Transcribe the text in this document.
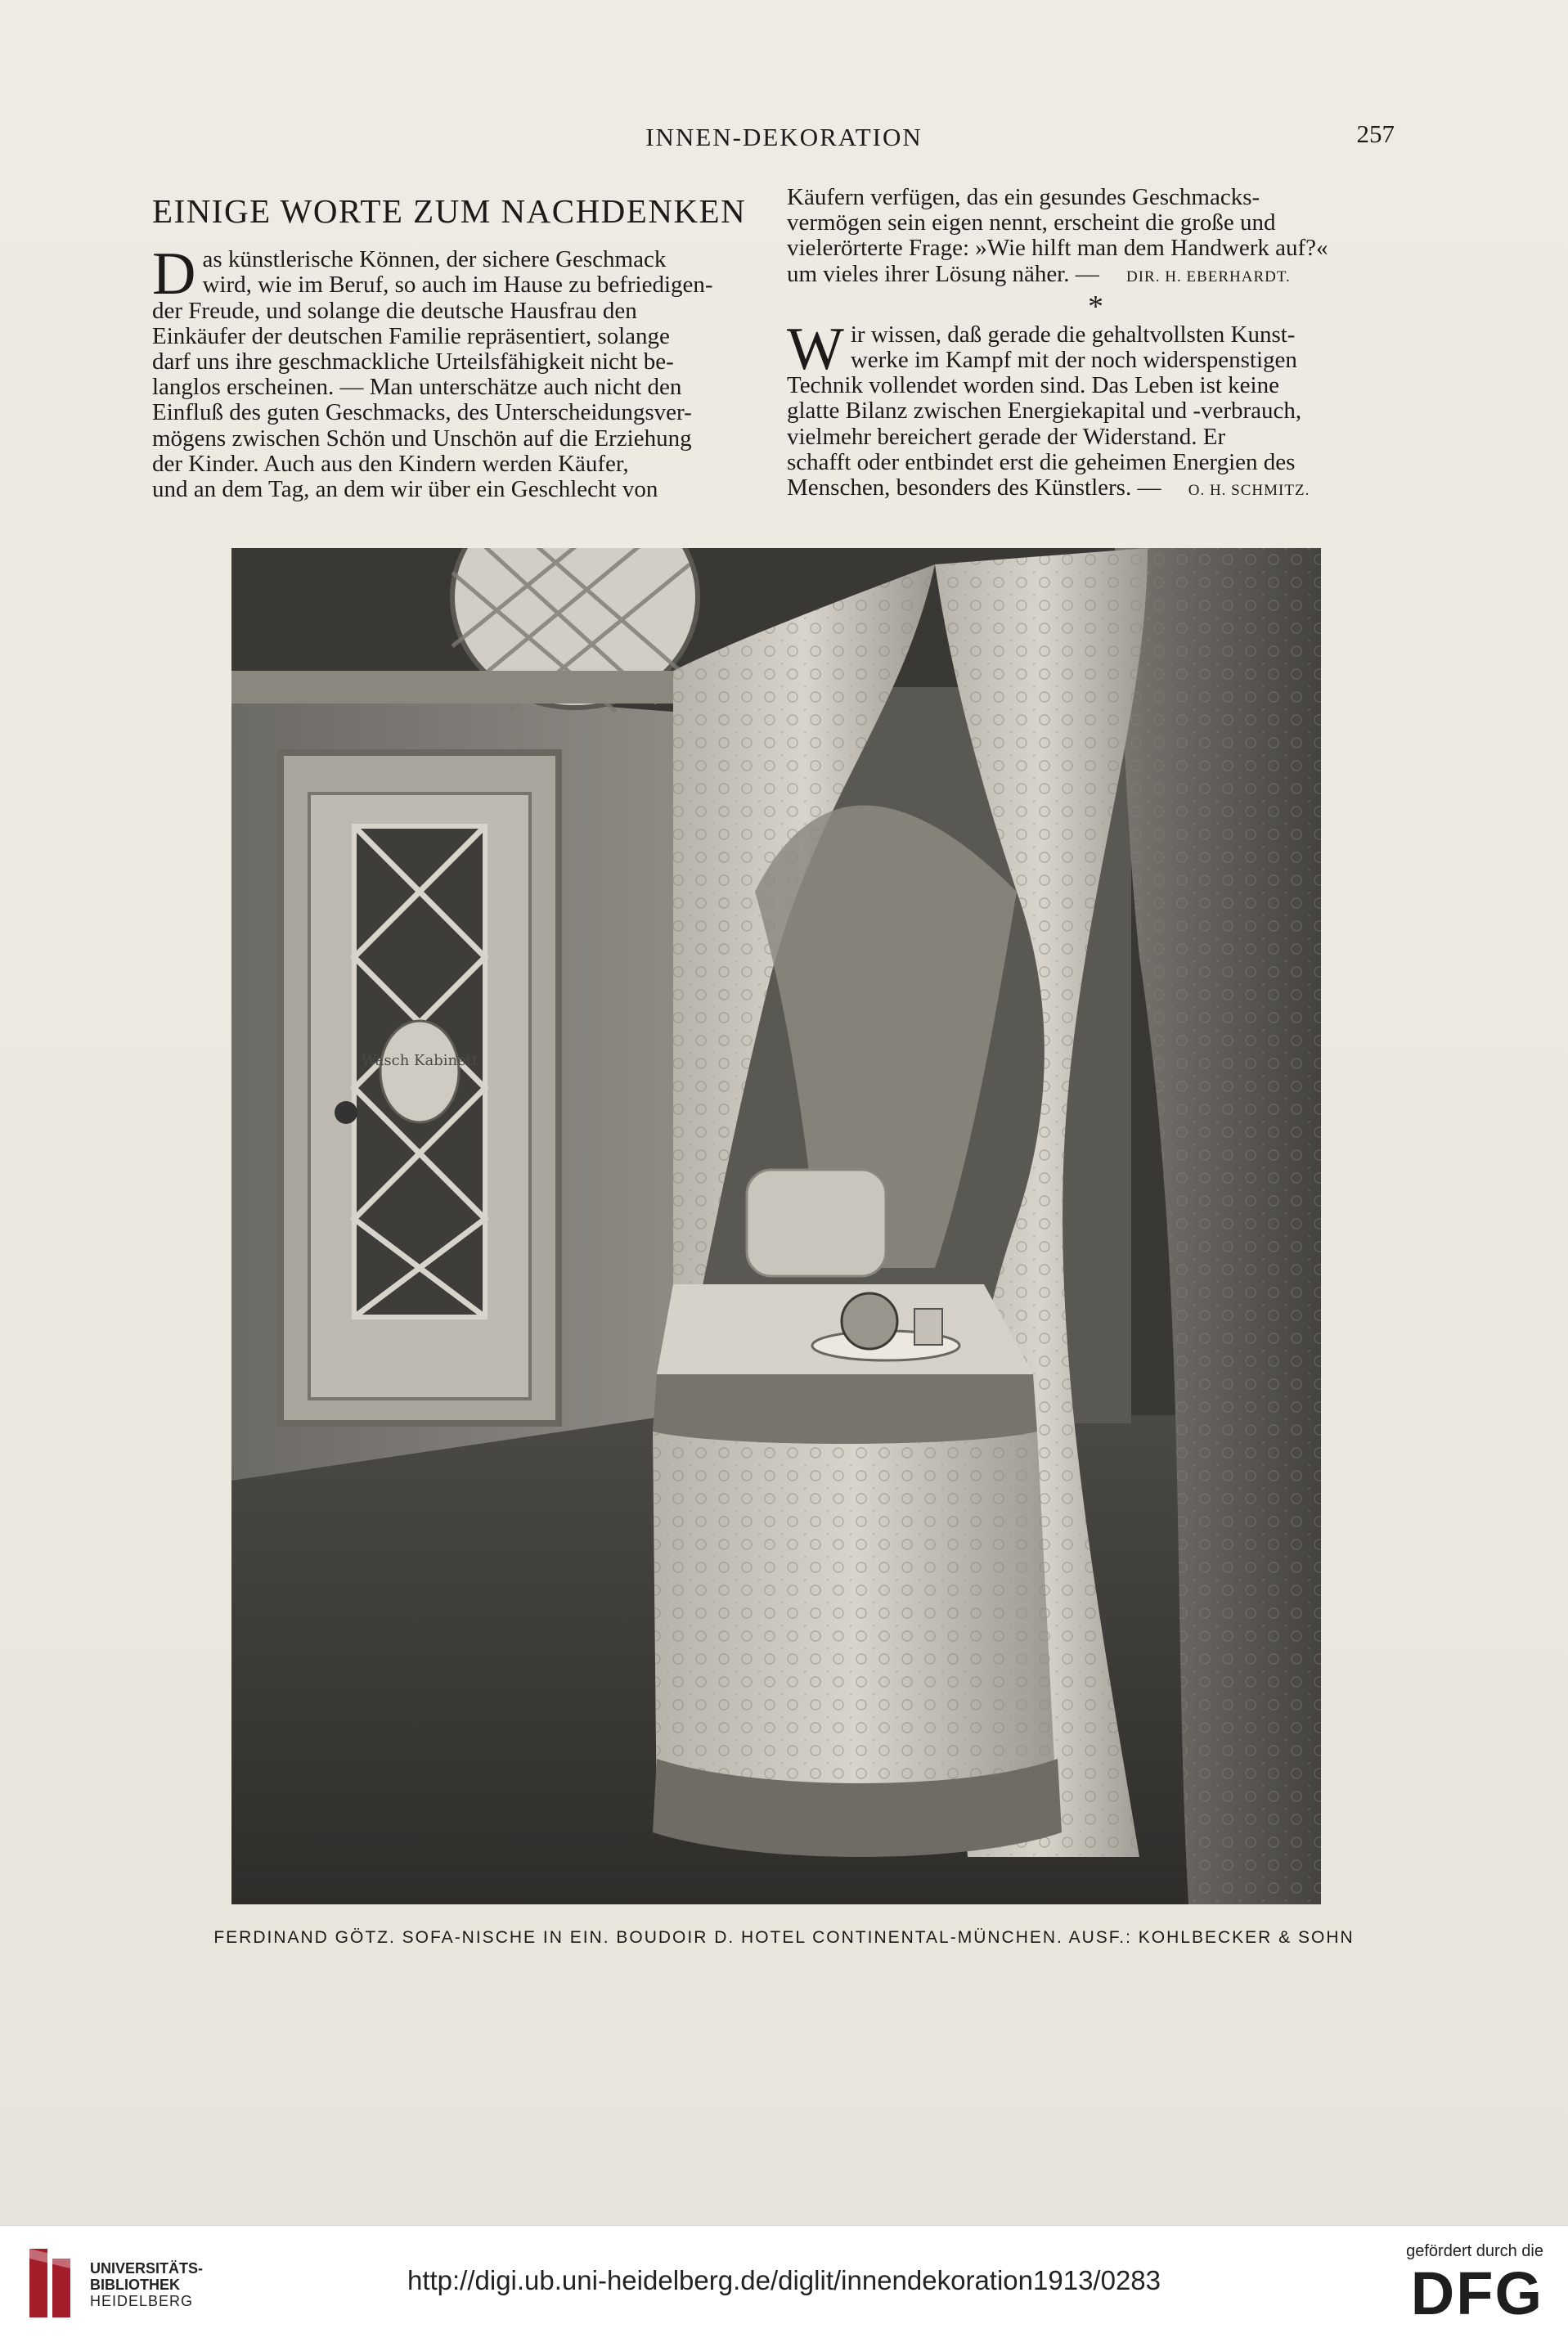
INNEN-DEKORATION	257
EINIGE WORTE ZUM NACHDENKEN

D as künstlerische Können, der sichere Geschmack
wird, wie im Beruf, so auch im Hause zu befriedigen-
der Freude, und solange die deutsche Hausfrau den
Einkäufer der deutschen Familie repräsentiert, solange
darf uns ihre geschmackliche Urteilsfähigkeit nicht be-
langlos erscheinen. — Man unterschätze auch nicht den
Einfluß des guten Geschmacks, des Unterscheidungsver-
mögens zwischen Schön und Unschön auf die Erziehung
der Kinder. Auch aus den Kindern werden Käufer,
und an dem Tag, an dem wir über ein Geschlecht von

Käufern verfügen, das ein gesundes Geschmacks-
vermögen sein eigen nennt, erscheint die große und
vielerörterte Frage: »Wie hilft man dem Handwerk auf?«
um vieles ihrer Lösung näher. — DIR. H. EBERHARDT.

*

W ir wissen, daß gerade die gehaltvollsten Kunst-
werke im Kampf mit der noch widerspenstigen
Technik vollendet worden sind. Das Leben ist keine
glatte Bilanz zwischen Energiekapital und -verbrauch,
vielmehr bereichert gerade der Widerstand. Er
schafft oder entbindet erst die geheimen Energien des
Menschen, besonders des Künstlers. — O. H. SCHMITZ.

Wasch Kabinett
FERDINAND GÖTZ. SOFA-NISCHE IN EIN. BOUDOIR D. HOTEL CONTINENTAL-MÜNCHEN. AUSF.: KOHLBECKER & SOHN
UNIVERSITÄTS-
BIBLIOTHEK
HEIDELBERG
http://digi.ub.uni-heidelberg.de/diglit/innendekoration1913/0283
gefördert durch die
DFG
